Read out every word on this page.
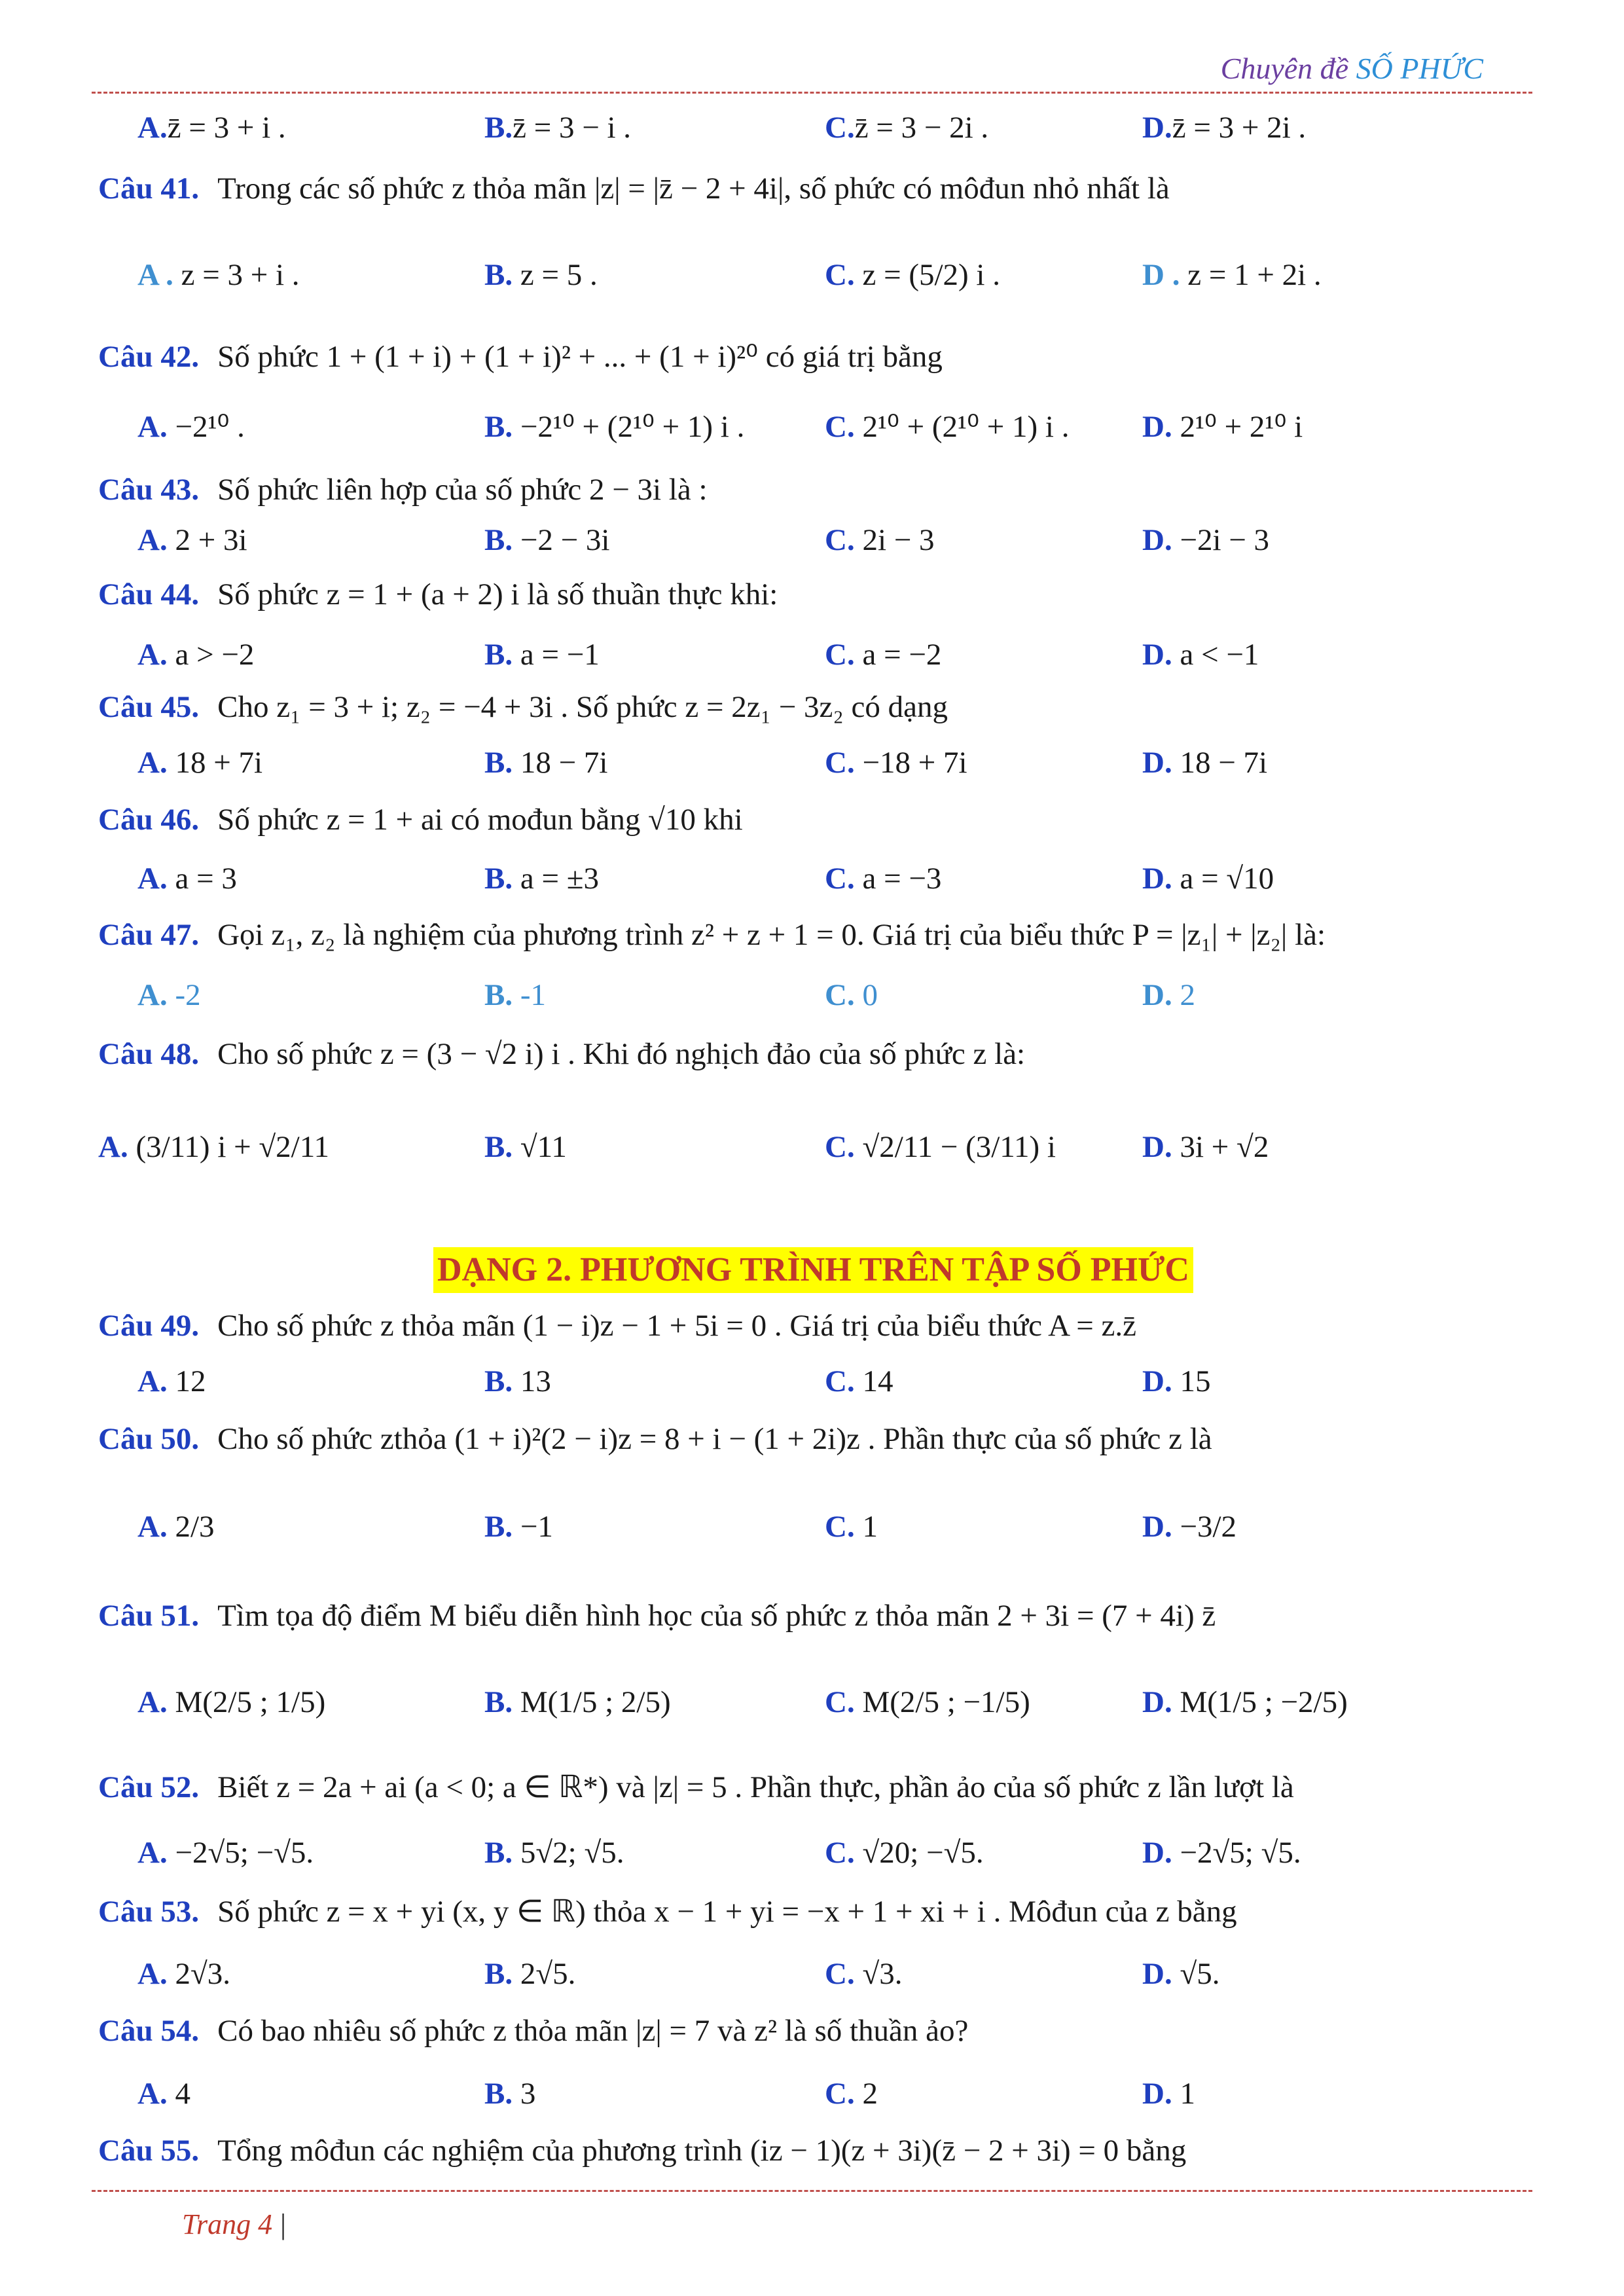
Chuyên đề SỐ PHỨC
A.z̄ = 3 + i .	B.z̄ = 3 − i .	C.z̄ = 3 − 2i .	D.z̄ = 3 + 2i .
Câu 41. Trong các số phức z thỏa mãn |z| = |z̄ − 2 + 4i|, số phức có môđun nhỏ nhất là
A . z = 3 + i .	B. z = 5 .	C. z = (5/2) i .	D . z = 1 + 2i .
Câu 42. Số phức 1 + (1 + i) + (1 + i)² + ... + (1 + i)²⁰ có giá trị bằng
A. −2¹⁰ .	B. −2¹⁰ + (2¹⁰ + 1) i .	C. 2¹⁰ + (2¹⁰ + 1) i . D. 2¹⁰ + 2¹⁰ i
Câu 43. Số phức liên hợp của số phức 2 − 3i là :
A. 2 + 3i	B. −2 − 3i	C. 2i − 3	D. −2i − 3
Câu 44. Số phức z = 1 + (a + 2) i là số thuần thực khi:
A. a > −2	B. a = −1	C. a = −2	D. a < −1
Câu 45. Cho z₁ = 3 + i; z₂ = −4 + 3i . Số phức z = 2z₁ − 3z₂ có dạng
A. 18 + 7i	B. 18 − 7i	C. −18 + 7i	D. 18 − 7i
Câu 46. Số phức z = 1 + ai có mođun bằng √10 khi
A. a = 3	B. a = ±3	C. a = −3	D. a = √10
Câu 47. Gọi z₁, z₂ là nghiệm của phương trình z² + z + 1 = 0. Giá trị của biểu thức P = |z₁| + |z₂| là:
A. -2	B. -1	C. 0	D. 2
Câu 48. Cho số phức z = (3 − √2 i) i . Khi đó nghịch đảo của số phức z là:
A. (3/11) i + √2/11	B. √11	C. √2/11 − (3/11) i	D. 3i + √2
DẠNG 2. PHƯƠNG TRÌNH TRÊN TẬP SỐ PHỨC
Câu 49. Cho số phức z thỏa mãn (1 − i)z − 1 + 5i = 0 . Giá trị của biểu thức A = z.z̄
A. 12	B. 13	C. 14	D. 15
Câu 50. Cho số phức zthỏa (1 + i)²(2 − i)z = 8 + i − (1 + 2i)z . Phần thực của số phức z là
A. 2/3	B. −1	C. 1	D. −3/2
Câu 51. Tìm tọa độ điểm M biểu diễn hình học của số phức z thỏa mãn 2 + 3i = (7 + 4i) z̄
A. M(2/5 ; 1/5)	B. M(1/5 ; 2/5)	C. M(2/5 ; −1/5)	D. M(1/5 ; −2/5)
Câu 52. Biết z = 2a + ai (a < 0; a ∈ ℝ*) và |z| = 5 . Phần thực, phần ảo của số phức z lần lượt là
A. −2√5; −√5.	B. 5√2; √5.	C. √20; −√5.	D. −2√5; √5.
Câu 53. Số phức z = x + yi (x, y ∈ ℝ) thỏa x − 1 + yi = −x + 1 + xi + i . Môđun của z bằng
A. 2√3.	B. 2√5.	C. √3.	D. √5.
Câu 54. Có bao nhiêu số phức z thỏa mãn |z| = 7 và z² là số thuần ảo?
A. 4	B. 3	C. 2	D. 1
Câu 55. Tổng môđun các nghiệm của phương trình (iz − 1)(z + 3i)(z̄ − 2 + 3i) = 0 bằng
Trang 4 |
